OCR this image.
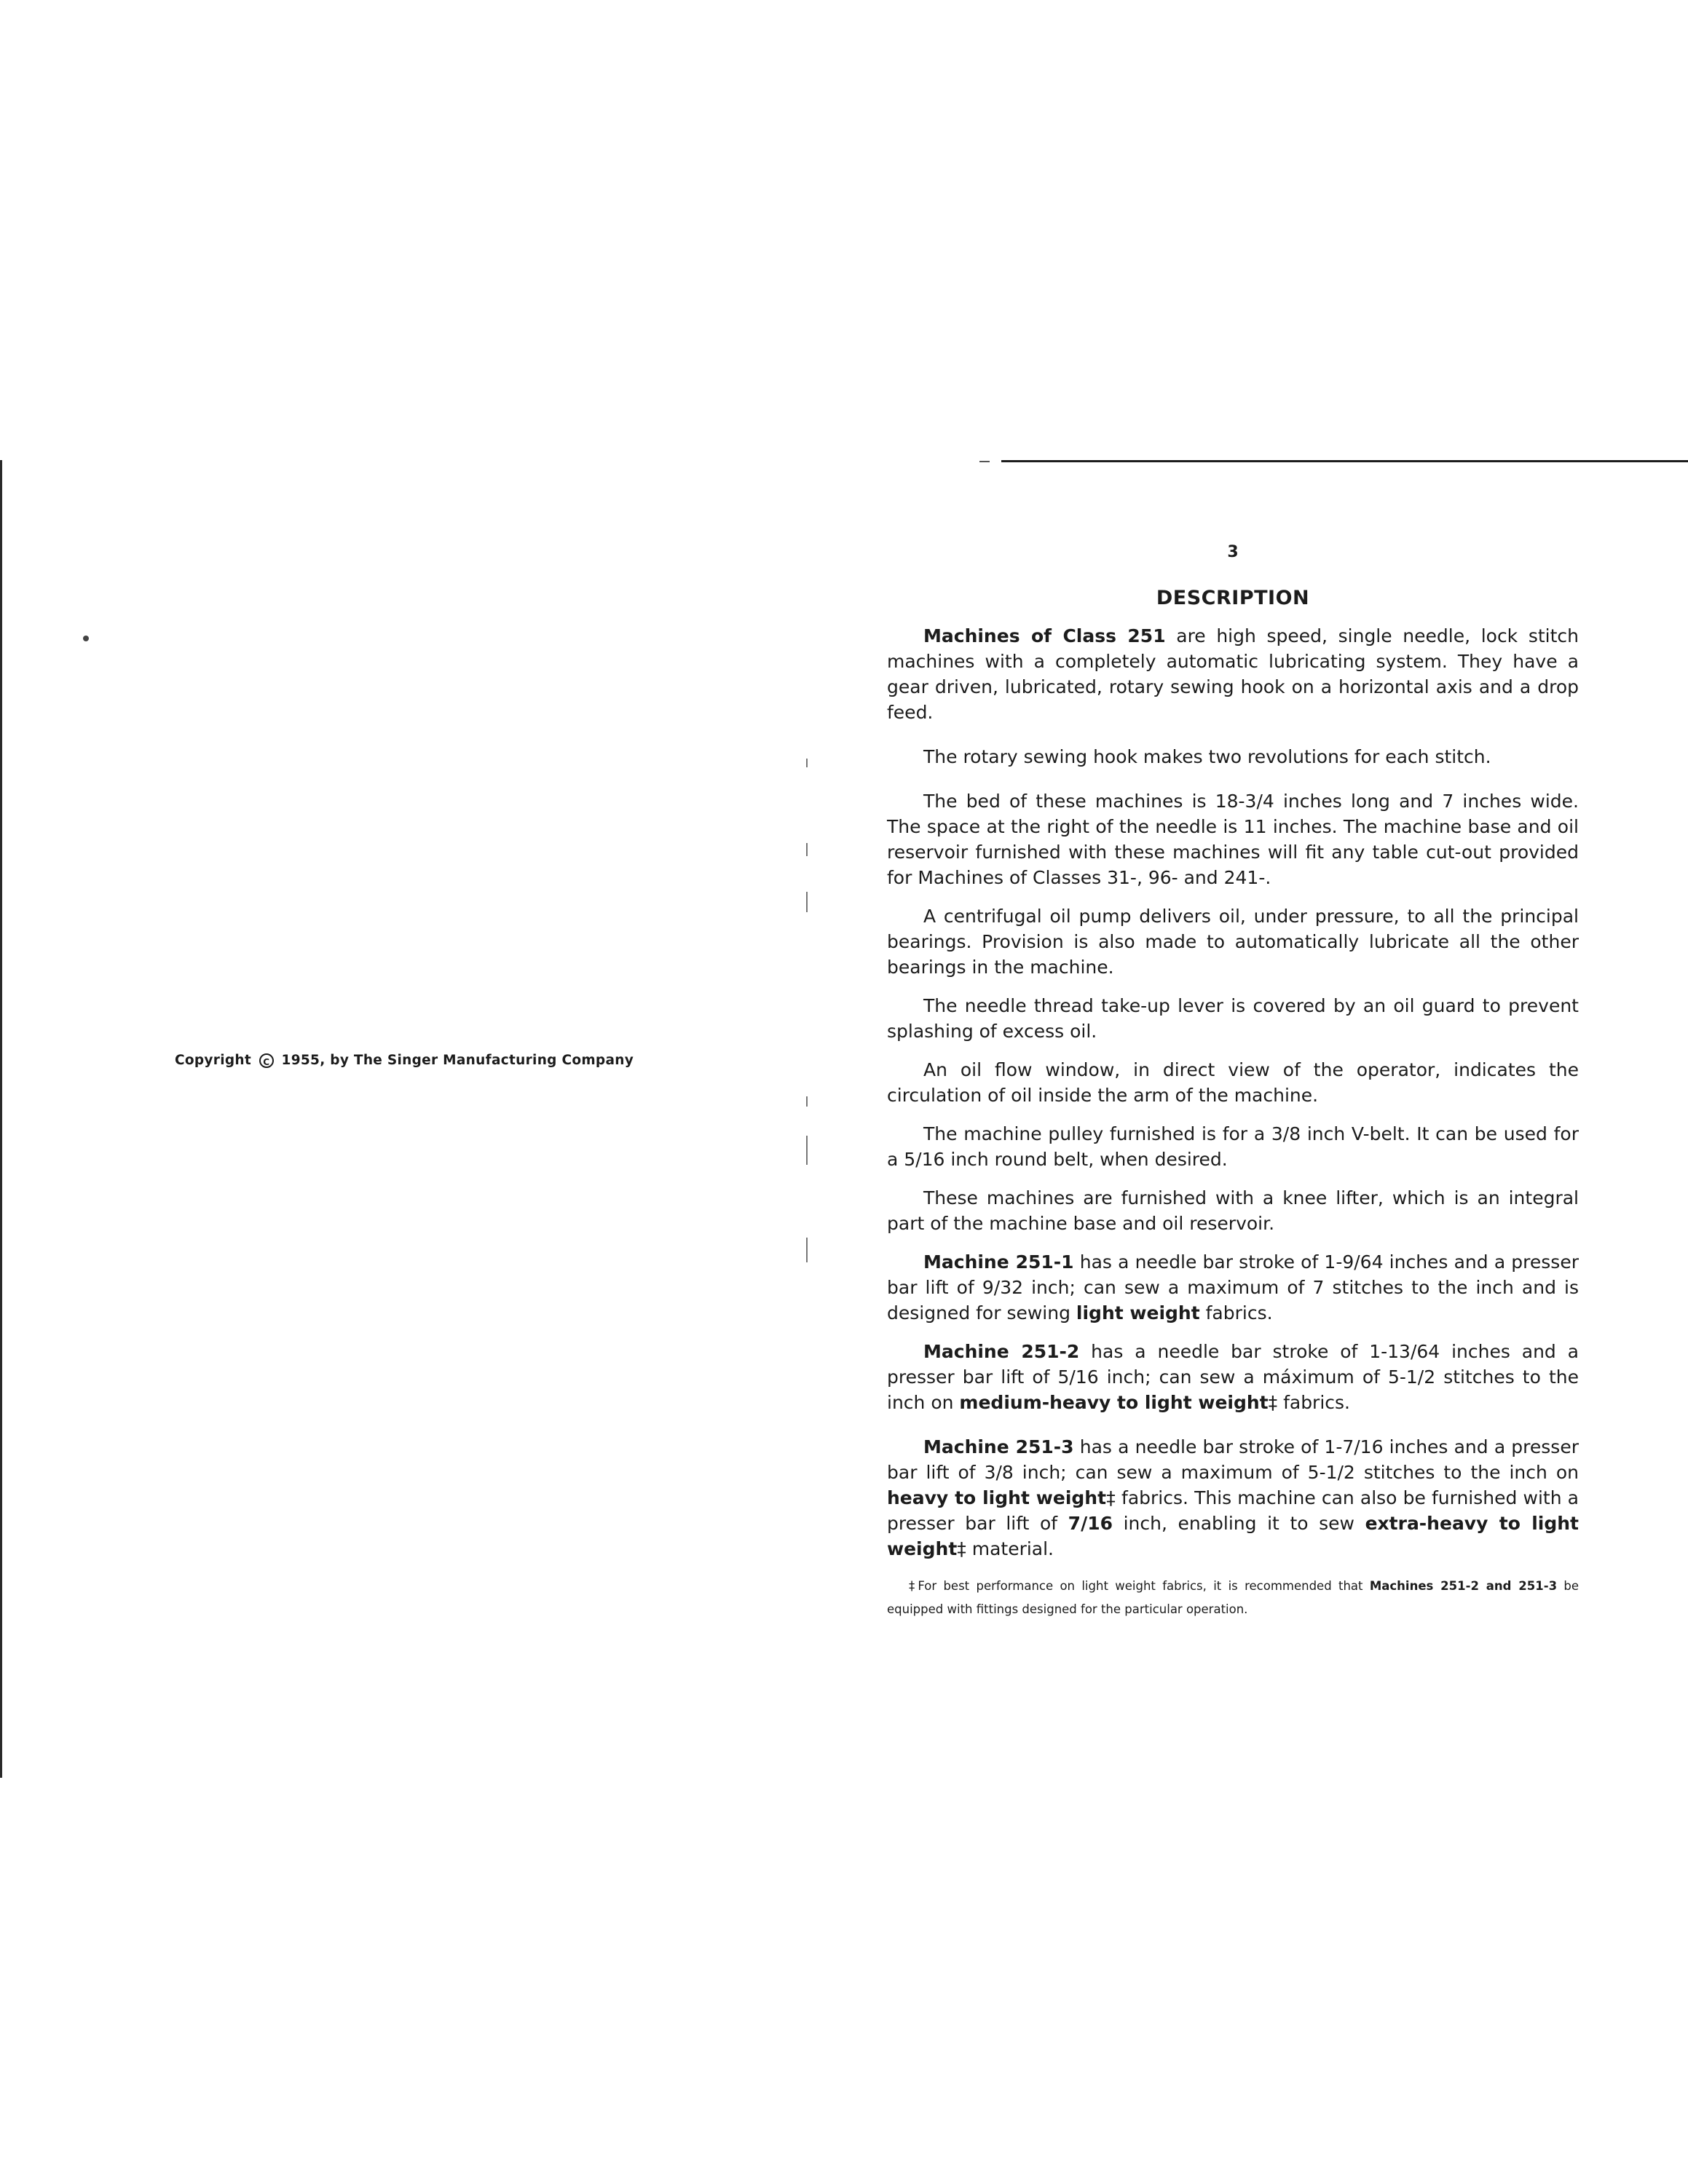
Copyright C 1955, by The Singer Manufacturing Company
3
DESCRIPTION

Machines of Class 251 are high speed, single needle, lock stitch machines with a completely automatic lubricating system. They have a gear driven, lubricated, rotary sewing hook on a horizontal axis and a drop feed.

The rotary sewing hook makes two revolutions for each stitch.

The bed of these machines is 18-3/4 inches long and 7 inches wide. The space at the right of the needle is 11 inches. The machine base and oil reservoir furnished with these machines will fit any table cut-out provided for Machines of Classes 31-, 96- and 241-.

A centrifugal oil pump delivers oil, under pressure, to all the principal bearings. Provision is also made to automatically lubricate all the other bearings in the machine.

The needle thread take-up lever is covered by an oil guard to prevent splashing of excess oil.

An oil flow window, in direct view of the operator, indicates the circulation of oil inside the arm of the machine.

The machine pulley furnished is for a 3/8 inch V-belt. It can be used for a 5/16 inch round belt, when desired.

These machines are furnished with a knee lifter, which is an integral part of the machine base and oil reservoir.

Machine 251-1 has a needle bar stroke of 1-9/64 inches and a presser bar lift of 9/32 inch; can sew a maximum of 7 stitches to the inch and is designed for sewing light weight fabrics.

Machine 251-2 has a needle bar stroke of 1-13/64 inches and a presser bar lift of 5/16 inch; can sew a máximum of 5-1/2 stitches to the inch on medium-heavy to light weight‡ fabrics.

Machine 251-3 has a needle bar stroke of 1-7/16 inches and a presser bar lift of 3/8 inch; can sew a maximum of 5-1/2 stitches to the inch on heavy to light weight‡ fabrics. This machine can also be furnished with a presser bar lift of 7/16 inch, enabling it to sew extra-heavy to light weight‡ material.

‡For best performance on light weight fabrics, it is recommended that Machines 251-2 and 251-3 be equipped with fittings designed for the particular operation.
